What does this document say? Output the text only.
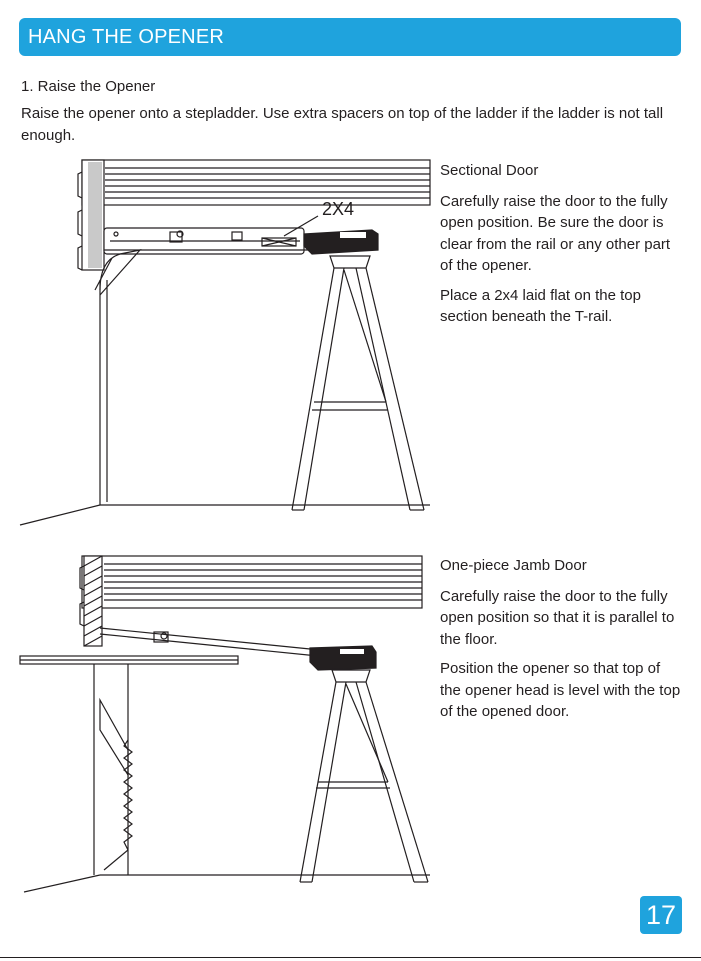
HANG THE OPENER
1. Raise the Opener
Raise the opener onto a stepladder. Use extra spacers on top of the ladder if the ladder is not tall enough.
2X4

Sectional Door

Carefully raise the door to the fully open position. Be sure the door is clear from the rail or any other part of the opener.

Place a 2x4 laid flat on the top section beneath the T-rail.

One-piece Jamb Door

Carefully raise the door to the fully open position so that it is parallel to the floor.

Position the opener so that top of the opener head is level with the top of the opened door.

17
